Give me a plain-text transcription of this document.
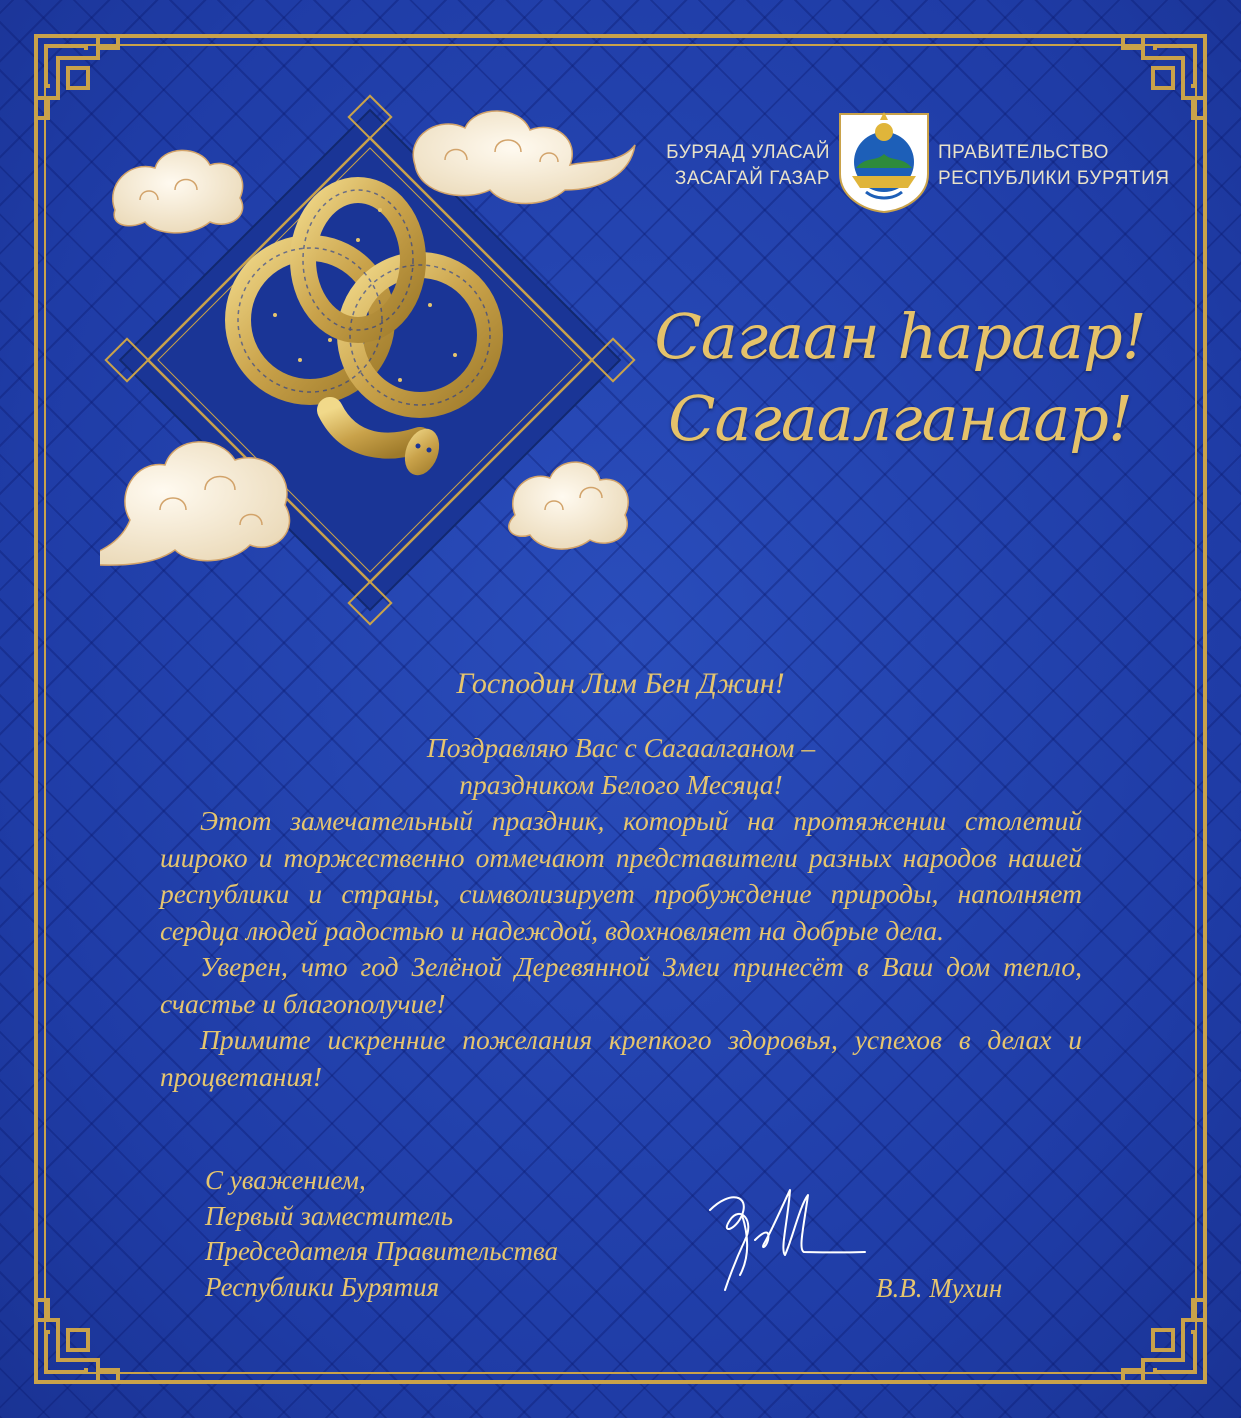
БУРЯАД УЛАСАЙ
ЗАСАГАЙ ГАЗАР
ПРАВИТЕЛЬСТВО
РЕСПУБЛИКИ БУРЯТИЯ
Сагаан hараар!
Сагаалганаар!
Господин Лим Бен Джин!
Поздравляю Вас с Сагаалганом –
праздником Белого Месяца!
Этот замечательный праздник, который на протяжении столетий широко и торжественно отмечают представители разных народов нашей республики и страны, символизирует пробуждение природы, наполняет сердца людей радостью и надеждой, вдохновляет на добрые дела.
Уверен, что год Зелёной Деревянной Змеи принесёт в Ваш дом тепло, счастье и благополучие!
Примите искренние пожелания крепкого здоровья, успехов в делах и процветания!
С уважением,
Первый заместитель
Председателя Правительства
Республики Бурятия	В.В. Мухин
